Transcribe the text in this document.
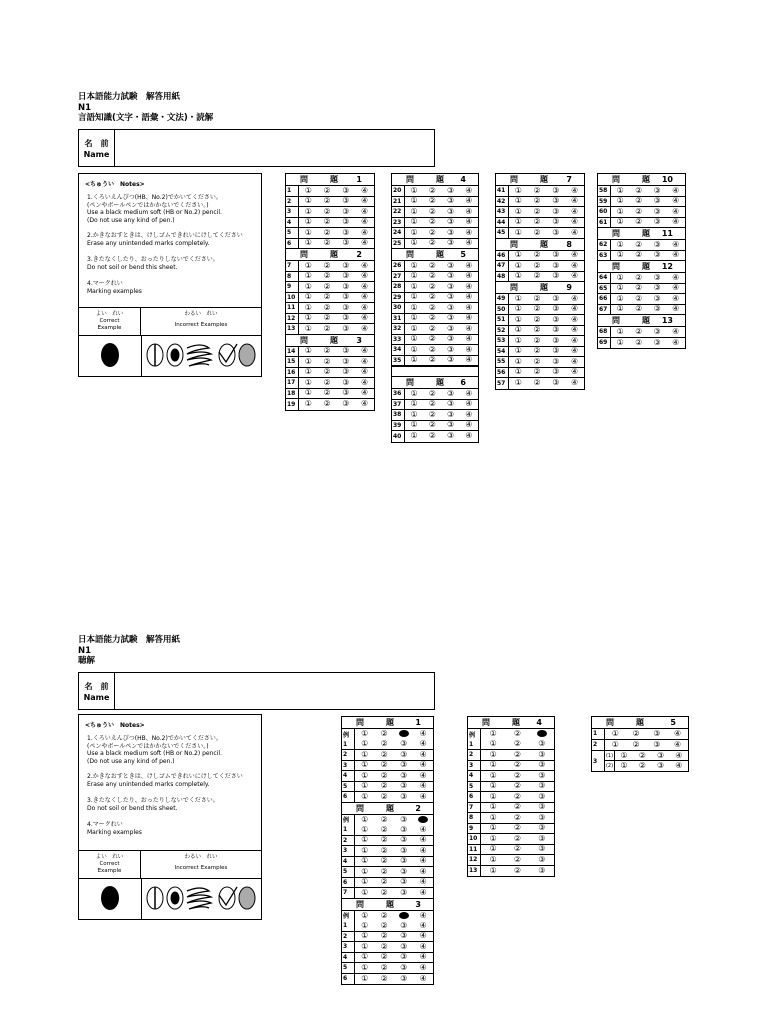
日本語能力試験　解答用紙
N1
言語知識(文字・語彙・文法)・読解
名　前
Name
<ちゅうい　Notes>
1.くろいえんぴつ(HB、No.2)でかいてください。
(ペンやボールペンではかかないでください。)
Use a black medium soft (HB or No.2) pencil.
(Do not use any kind of pen.)
2.かきなおすときは、けしゴムできれいにけしてください
Erase any unintended marks completely.
3.きたなくしたり、おったりしないでください。
Do not soil or bend this sheet.
4.マークれい
Marking examples
よい　れい
Correct
Example
わるい　れい
Incorrect Examples
問	題 1
1	① ② ③ ④
2	① ② ③ ④
3	① ② ③ ④
4	① ② ③ ④
5	① ② ③ ④
6	① ② ③ ④
問	題 2
7	① ② ③ ④
8	① ② ③ ④
9	① ② ③ ④
10	① ② ③ ④
11	① ② ③ ④
12	① ② ③ ④
13	① ② ③ ④
問	題 3
14	① ② ③ ④
15	① ② ③ ④
16	① ② ③ ④
17	① ② ③ ④
18	① ② ③ ④
19	① ② ③ ④
問	題 4
20	① ② ③ ④
21	① ② ③ ④
22	① ② ③ ④
23	① ② ③ ④
24	① ② ③ ④
25	① ② ③ ④
問	題 5
26	① ② ③ ④
27	① ② ③ ④
28	① ② ③ ④
29	① ② ③ ④
30	① ② ③ ④
31	① ② ③ ④
32	① ② ③ ④
33	① ② ③ ④
34	① ② ③ ④
35	① ② ③ ④
問	題 6
36	① ② ③ ④
37	① ② ③ ④
38	① ② ③ ④
39	① ② ③ ④
40	① ② ③ ④
問	題 7
41	① ② ③ ④
42	① ② ③ ④
43	① ② ③ ④
44	① ② ③ ④
45	① ② ③ ④
問	題 8
46	① ② ③ ④
47	① ② ③ ④
48	① ② ③ ④
問	題 9
49	① ② ③ ④
50	① ② ③ ④
51	① ② ③ ④
52	① ② ③ ④
53	① ② ③ ④
54	① ② ③ ④
55	① ② ③ ④
56	① ② ③ ④
57	① ② ③ ④
問	題 10
58	① ② ③ ④
59	① ② ③ ④
60	① ② ③ ④
61	① ② ③ ④
問	題 11
62	① ② ③ ④
63	① ② ③ ④
問	題 12
64	① ② ③ ④
65	① ② ③ ④
66	① ② ③ ④
67	① ② ③ ④
問	題 13
68	① ② ③ ④
69	① ② ③ ④
日本語能力試験　解答用紙
N1
聴解
名　前
Name
<ちゅうい　Notes>
1.くろいえんぴつ(HB、No.2)でかいてください。
(ペンやボールペンではかかないでください。)
Use a black medium soft (HB or No.2) pencil.
(Do not use any kind of pen.)
2.かきなおすときは、けしゴムできれいにけしてください
Erase any unintended marks completely.
3.きたなくしたり、おったりしないでください。
Do not soil or bend this sheet.
4.マークれい
Marking examples
よい　れい
Correct
Example
わるい　れい
Incorrect Examples
問	題	1
例	① ②	④
1	① ② ③ ④
2	① ② ③ ④
3	① ② ③ ④
4	① ② ③ ④
5	① ② ③ ④
6	① ② ③ ④
問	題	2
例	① ② ③
1	① ② ③ ④
2	① ② ③ ④
3	① ② ③ ④
4	① ② ③ ④
5	① ② ③ ④
6	① ② ③ ④
7	① ② ③ ④
問	題	3
例	① ②	④
1	① ② ③ ④
2	① ② ③ ④
3	① ② ③ ④
4	① ② ③ ④
5	① ② ③ ④
6	① ② ③ ④
問	題 4
例	① ②
1	① ② ③
2	① ② ③
3	① ② ③
4	① ② ③
5	① ② ③
6	① ② ③
7	① ② ③
8	① ② ③
9	① ② ③
10	① ② ③
11	① ② ③
12	① ② ③
13	① ② ③
問	題	5
1	① ② ③ ④
2	① ② ③ ④
3
(1) ① ② ③ ④
(2) ① ② ③ ④
